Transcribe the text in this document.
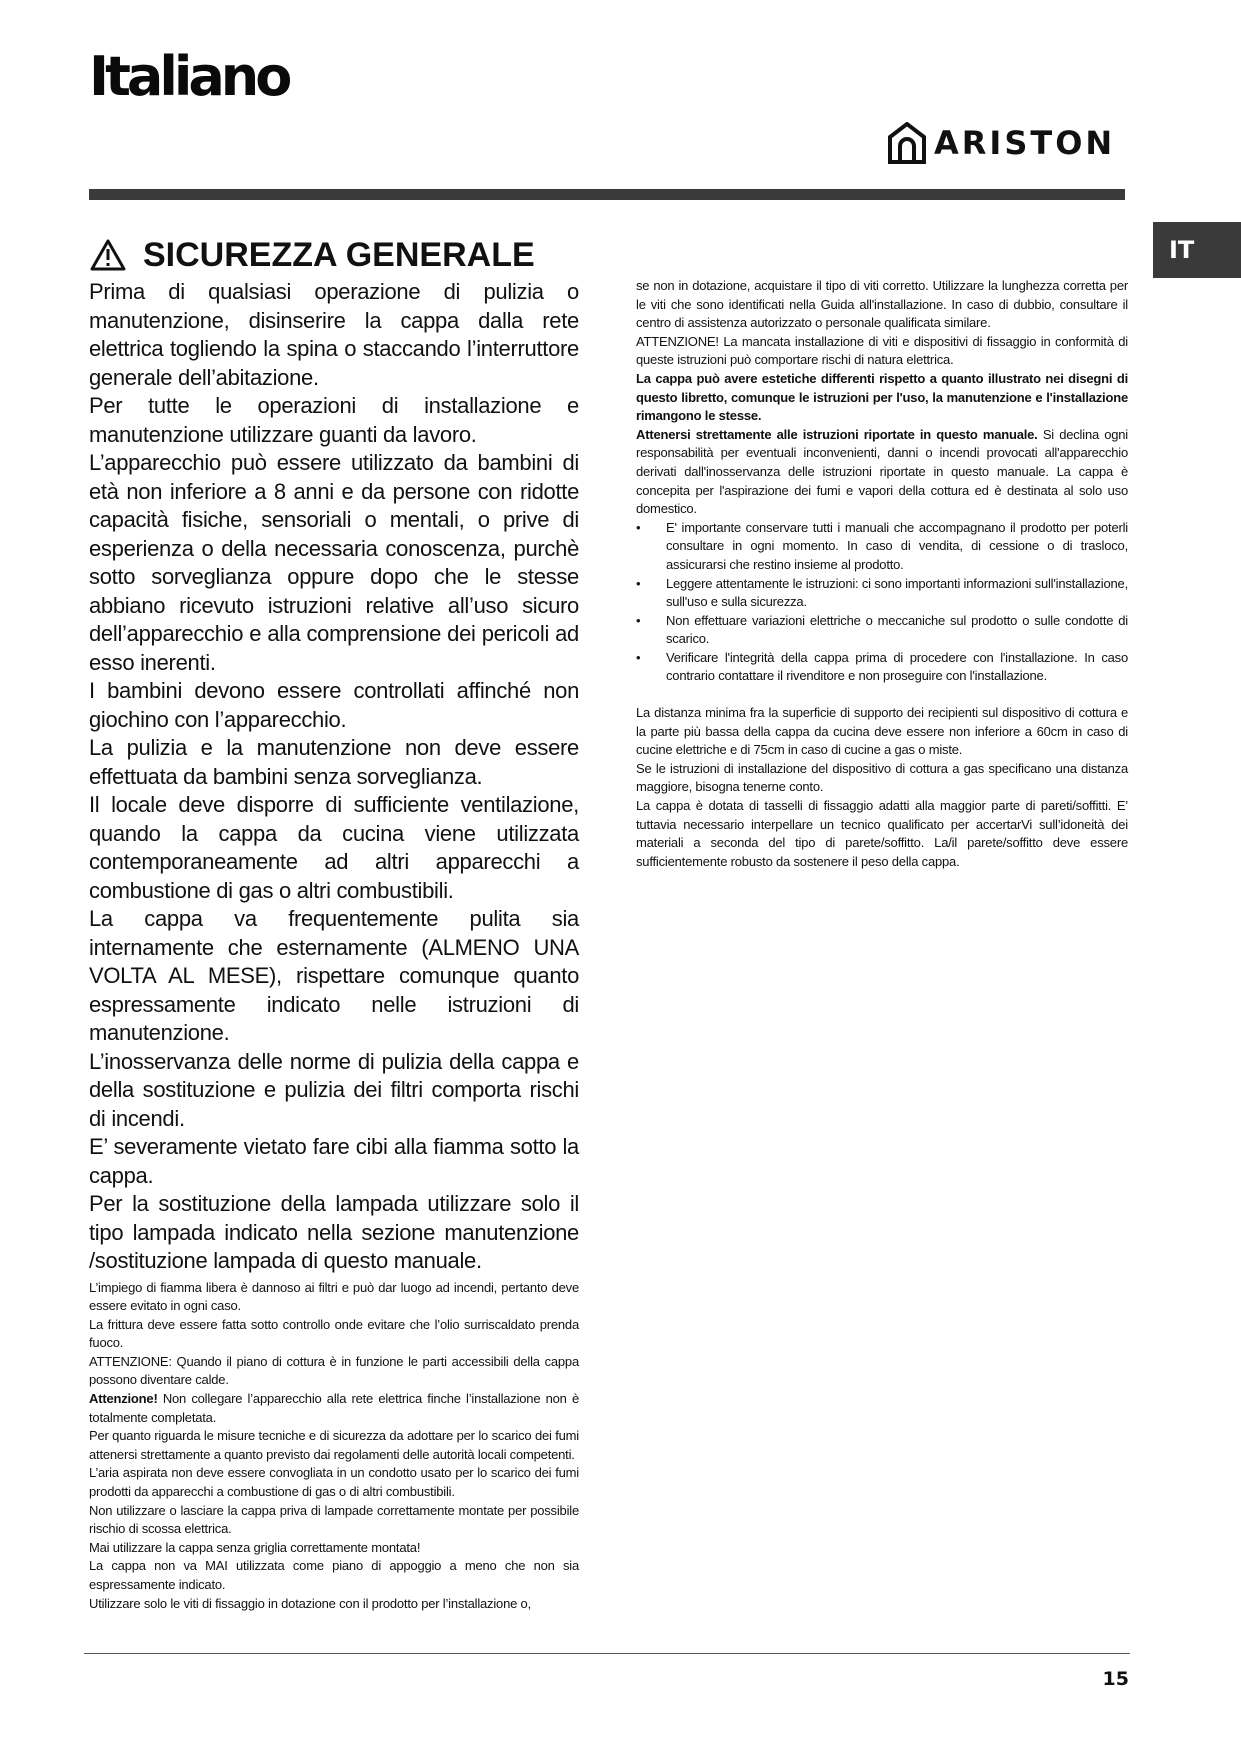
Italiano
ARISTON
IT
SICUREZZA GENERALE

Prima di qualsiasi operazione di pulizia o manutenzione, disinserire la cappa dalla rete elettrica togliendo la spina o staccando l’interruttore generale dell’abitazione.

Per tutte le operazioni di installazione e manutenzione utilizzare guanti da lavoro.

L’apparecchio può essere utilizzato da bambini di età non inferiore a 8 anni e da persone con ridotte capacità fisiche, sensoriali o mentali, o prive di esperienza o della necessaria conoscenza, purchè sotto sorveglianza oppure dopo che le stesse abbiano ricevuto istruzioni relative all’uso sicuro dell’apparecchio e alla comprensione dei pericoli ad esso inerenti.

I bambini devono essere controllati affinché non giochino con l’apparecchio.

La pulizia e la manutenzione non deve essere effettuata da bambini senza sorveglianza.

Il locale deve disporre di sufficiente ventilazione, quando la cappa da cucina viene utilizzata contemporaneamente ad altri apparecchi a combustione di gas o altri combustibili.

La cappa va frequentemente pulita sia internamente che esternamente (ALMENO UNA VOLTA AL MESE), rispettare comunque quanto espressamente indicato nelle istruzioni di manutenzione.

L’inosservanza delle norme di pulizia della cappa e della sostituzione e pulizia dei filtri comporta rischi di incendi.

E’ severamente vietato fare cibi alla fiamma sotto la cappa.

Per la sostituzione della lampada utilizzare solo il tipo lampada indicato nella sezione manutenzione /sostituzione lampada di questo manuale.

L’impiego di fiamma libera è dannoso ai filtri e può dar luogo ad incendi, pertanto deve essere evitato in ogni caso.

La frittura deve essere fatta sotto controllo onde evitare che l’olio surriscaldato prenda fuoco.

ATTENZIONE: Quando il piano di cottura è in funzione le parti accessibili della cappa possono diventare calde.

Attenzione! Non collegare l’apparecchio alla rete elettrica finche l’installazione non è totalmente completata.

Per quanto riguarda le misure tecniche e di sicurezza da adottare per lo scarico dei fumi attenersi strettamente a quanto previsto dai regolamenti delle autorità locali competenti.

L’aria aspirata non deve essere convogliata in un condotto usato per lo scarico dei fumi prodotti da apparecchi a combustione di gas o di altri combustibili.

Non utilizzare o lasciare la cappa priva di lampade correttamente montate per possibile rischio di scossa elettrica.

Mai utilizzare la cappa senza griglia correttamente montata!

La cappa non va MAI utilizzata come piano di appoggio a meno che non sia espressamente indicato.

Utilizzare solo le viti di fissaggio in dotazione con il prodotto per l’installazione o,

se non in dotazione, acquistare il tipo di viti corretto. Utilizzare la lunghezza corretta per le viti che sono identificati nella Guida all'installazione. In caso di dubbio, consultare il centro di assistenza autorizzato o personale qualificata similare.

ATTENZIONE! La mancata installazione di viti e dispositivi di fissaggio in conformità di queste istruzioni può comportare rischi di natura elettrica.

La cappa può avere estetiche differenti rispetto a quanto illustrato nei disegni di questo libretto, comunque le istruzioni per l'uso, la manutenzione e l'installazione rimangono le stesse.

Attenersi strettamente alle istruzioni riportate in questo manuale. Si declina ogni responsabilità per eventuali inconvenienti, danni o incendi provocati all'apparecchio derivati dall'inosservanza delle istruzioni riportate in questo manuale. La cappa è concepita per l'aspirazione dei fumi e vapori della cottura ed è destinata al solo uso domestico.

• E' importante conservare tutti i manuali che accompagnano il prodotto per poterli consultare in ogni momento. In caso di vendita, di cessione o di trasloco, assicurarsi che restino insieme al prodotto.
• Leggere attentamente le istruzioni: ci sono importanti informazioni sull'installazione, sull'uso e sulla sicurezza.
• Non effettuare variazioni elettriche o meccaniche sul prodotto o sulle condotte di scarico.
• Verificare l'integrità della cappa prima di procedere con l'installazione. In caso contrario contattare il rivenditore e non proseguire con l'installazione.

La distanza minima fra la superficie di supporto dei recipienti sul dispositivo di cottura e la parte più bassa della cappa da cucina deve essere non inferiore a 60cm in caso di cucine elettriche e di 75cm in caso di cucine a gas o miste.

Se le istruzioni di installazione del dispositivo di cottura a gas specificano una distanza maggiore, bisogna tenerne conto.

La cappa è dotata di tasselli di fissaggio adatti alla maggior parte di pareti/soffitti. E’ tuttavia necessario interpellare un tecnico qualificato per accertarVi sull’idoneità dei materiali a seconda del tipo di parete/soffitto. La/il parete/soffitto deve essere sufficientemente robusto da sostenere il peso della cappa.

15
